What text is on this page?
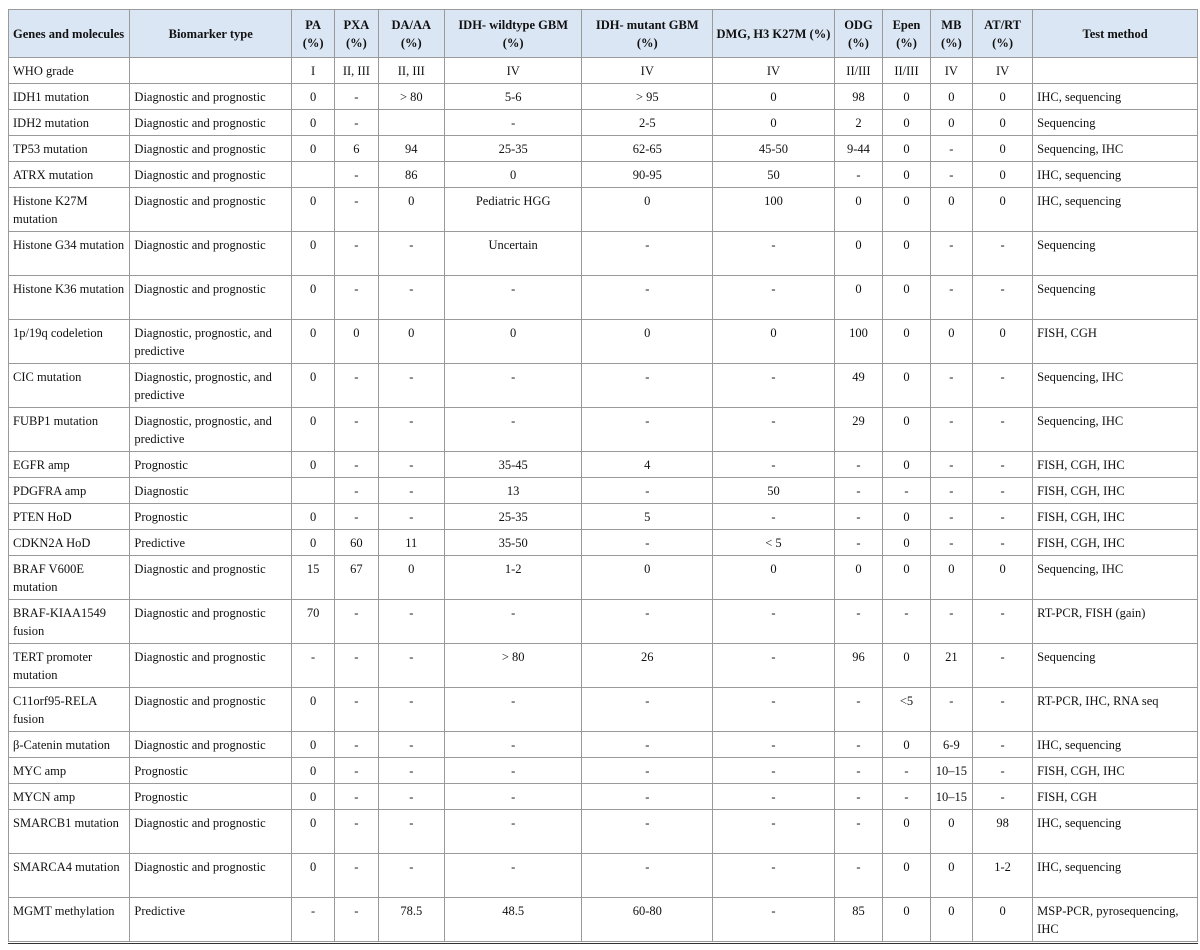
Genes and molecules	Biomarker type	PA (%)	PXA (%)	DA/AA (%)	IDH- wildtype GBM (%)	IDH- mutant GBM (%)	DMG, H3 K27M (%)	ODG (%)	Epen (%)	MB (%)	AT/RT (%)	Test method
WHO grade		I	II, III	II, III	IV	IV	IV	II/III	II/III	IV	IV	
IDH1 mutation	Diagnostic and prognostic	0	-	> 80	5-6	> 95	0	98	0	0	0	IHC, sequencing
IDH2 mutation	Diagnostic and prognostic	0	-		-	2-5	0	2	0	0	0	Sequencing
TP53 mutation	Diagnostic and prognostic	0	6	94	25-35	62-65	45-50	9-44	0	-	0	Sequencing, IHC
ATRX mutation	Diagnostic and prognostic		-	86	0	90-95	50	-	0	-	0	IHC, sequencing
Histone K27M mutation	Diagnostic and prognostic	0	-	0	Pediatric HGG	0	100	0	0	0	0	IHC, sequencing
Histone G34 mutation	Diagnostic and prognostic	0	-	-	Uncertain	-	-	0	0	-	-	Sequencing
Histone K36 mutation	Diagnostic and prognostic	0	-	-	-	-	-	0	0	-	-	Sequencing
1p/19q codeletion	Diagnostic, prognostic, and predictive	0	0	0	0	0	0	100	0	0	0	FISH, CGH
CIC mutation	Diagnostic, prognostic, and predictive	0	-	-	-	-	-	49	0	-	-	Sequencing, IHC
FUBP1 mutation	Diagnostic, prognostic, and predictive	0	-	-	-	-	-	29	0	-	-	Sequencing, IHC
EGFR amp	Prognostic	0	-	-	35-45	4	-	-	0	-	-	FISH, CGH, IHC
PDGFRA amp	Diagnostic		-	-	13	-	50	-	-	-	-	FISH, CGH, IHC
PTEN HoD	Prognostic	0	-	-	25-35	5	-	-	0	-	-	FISH, CGH, IHC
CDKN2A HoD	Predictive	0	60	11	35-50	-	< 5	-	0	-	-	FISH, CGH, IHC
BRAF V600E mutation	Diagnostic and prognostic	15	67	0	1-2	0	0	0	0	0	0	Sequencing, IHC
BRAF-KIAA1549 fusion	Diagnostic and prognostic	70	-	-	-	-	-	-	-	-	-	RT-PCR, FISH (gain)
TERT promoter mutation	Diagnostic and prognostic	-	-	-	> 80	26	-	96	0	21	-	Sequencing
C11orf95-RELA fusion	Diagnostic and prognostic	0	-	-	-	-	-	-	<5	-	-	RT-PCR, IHC, RNA seq
β-Catenin mutation	Diagnostic and prognostic	0	-	-	-	-	-	-	0	6-9	-	IHC, sequencing
MYC amp	Prognostic	0	-	-	-	-	-	-	-	10–15	-	FISH, CGH, IHC
MYCN amp	Prognostic	0	-	-	-	-	-	-	-	10–15	-	FISH, CGH
SMARCB1 mutation	Diagnostic and prognostic	0	-	-	-	-	-	-	0	0	98	IHC, sequencing
SMARCA4 mutation	Diagnostic and prognostic	0	-	-	-	-	-	-	0	0	1-2	IHC, sequencing
MGMT methylation	Predictive	-	-	78.5	48.5	60-80	-	85	0	0	0	MSP-PCR, pyrosequencing, IHC
